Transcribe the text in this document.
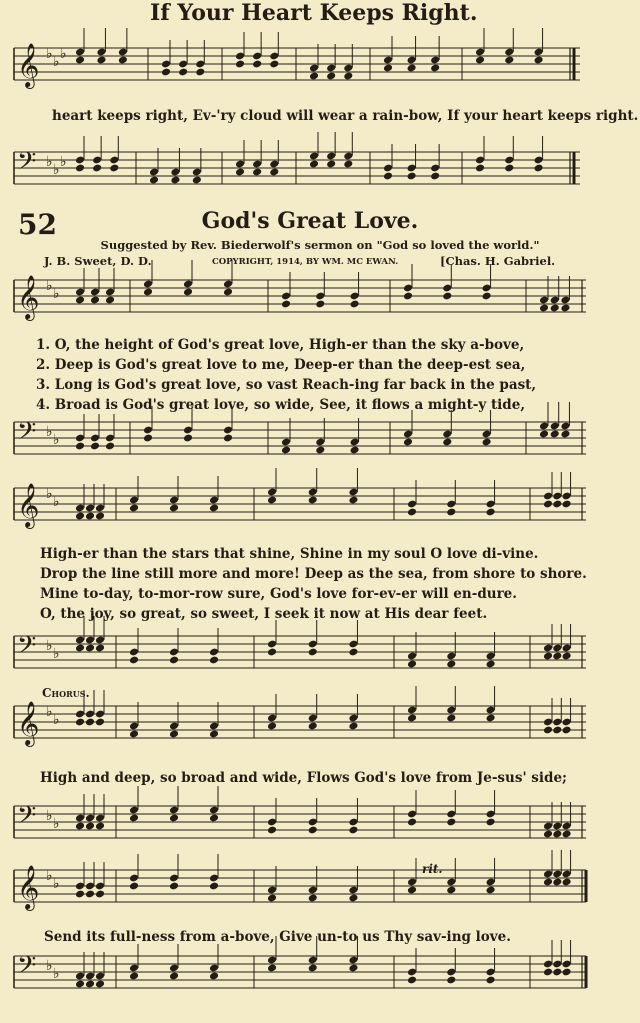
𝄞 ♭ ♭ ♭
𝄢 ♭ ♭ ♭
𝄞 ♭ ♭
𝄢 ♭ ♭
𝄞 ♭ ♭
𝄢 ♭ ♭
𝄞 ♭ ♭
𝄢 ♭ ♭
𝄞 ♭ ♭
𝄢 ♭ ♭
If Your Heart Keeps Right.
heart keeps right, Ev-'ry cloud will wear a rain-bow, If your heart keeps right.
52	God's Great Love.
Suggested by Rev. Biederwolf's sermon on "God so loved the world."
J. B. Sweet, D. D.	COPYRIGHT, 1914, BY WM. MC EWAN.	[Chas. H. Gabriel.
1. O, the height of God's great love, High-er than the sky a-bove,
2. Deep is God's great love to me, Deep-er than the deep-est sea,
3. Long is God's great love, so vast Reach-ing far back in the past,
4. Broad is God's great love, so wide, See, it flows a might-y tide,
High-er than the stars that shine, Shine in my soul O love di-vine.
Drop the line still more and more! Deep as the sea, from shore to shore.
Mine to-day, to-mor-row sure, God's love for-ev-er will en-dure.
O, the joy, so great, so sweet, I seek it now at His dear feet.
Chorus.
High and deep, so broad and wide, Flows God's love from Je-sus' side;
rit.
Send its full-ness from a-bove, Give un-to us Thy sav-ing love.
